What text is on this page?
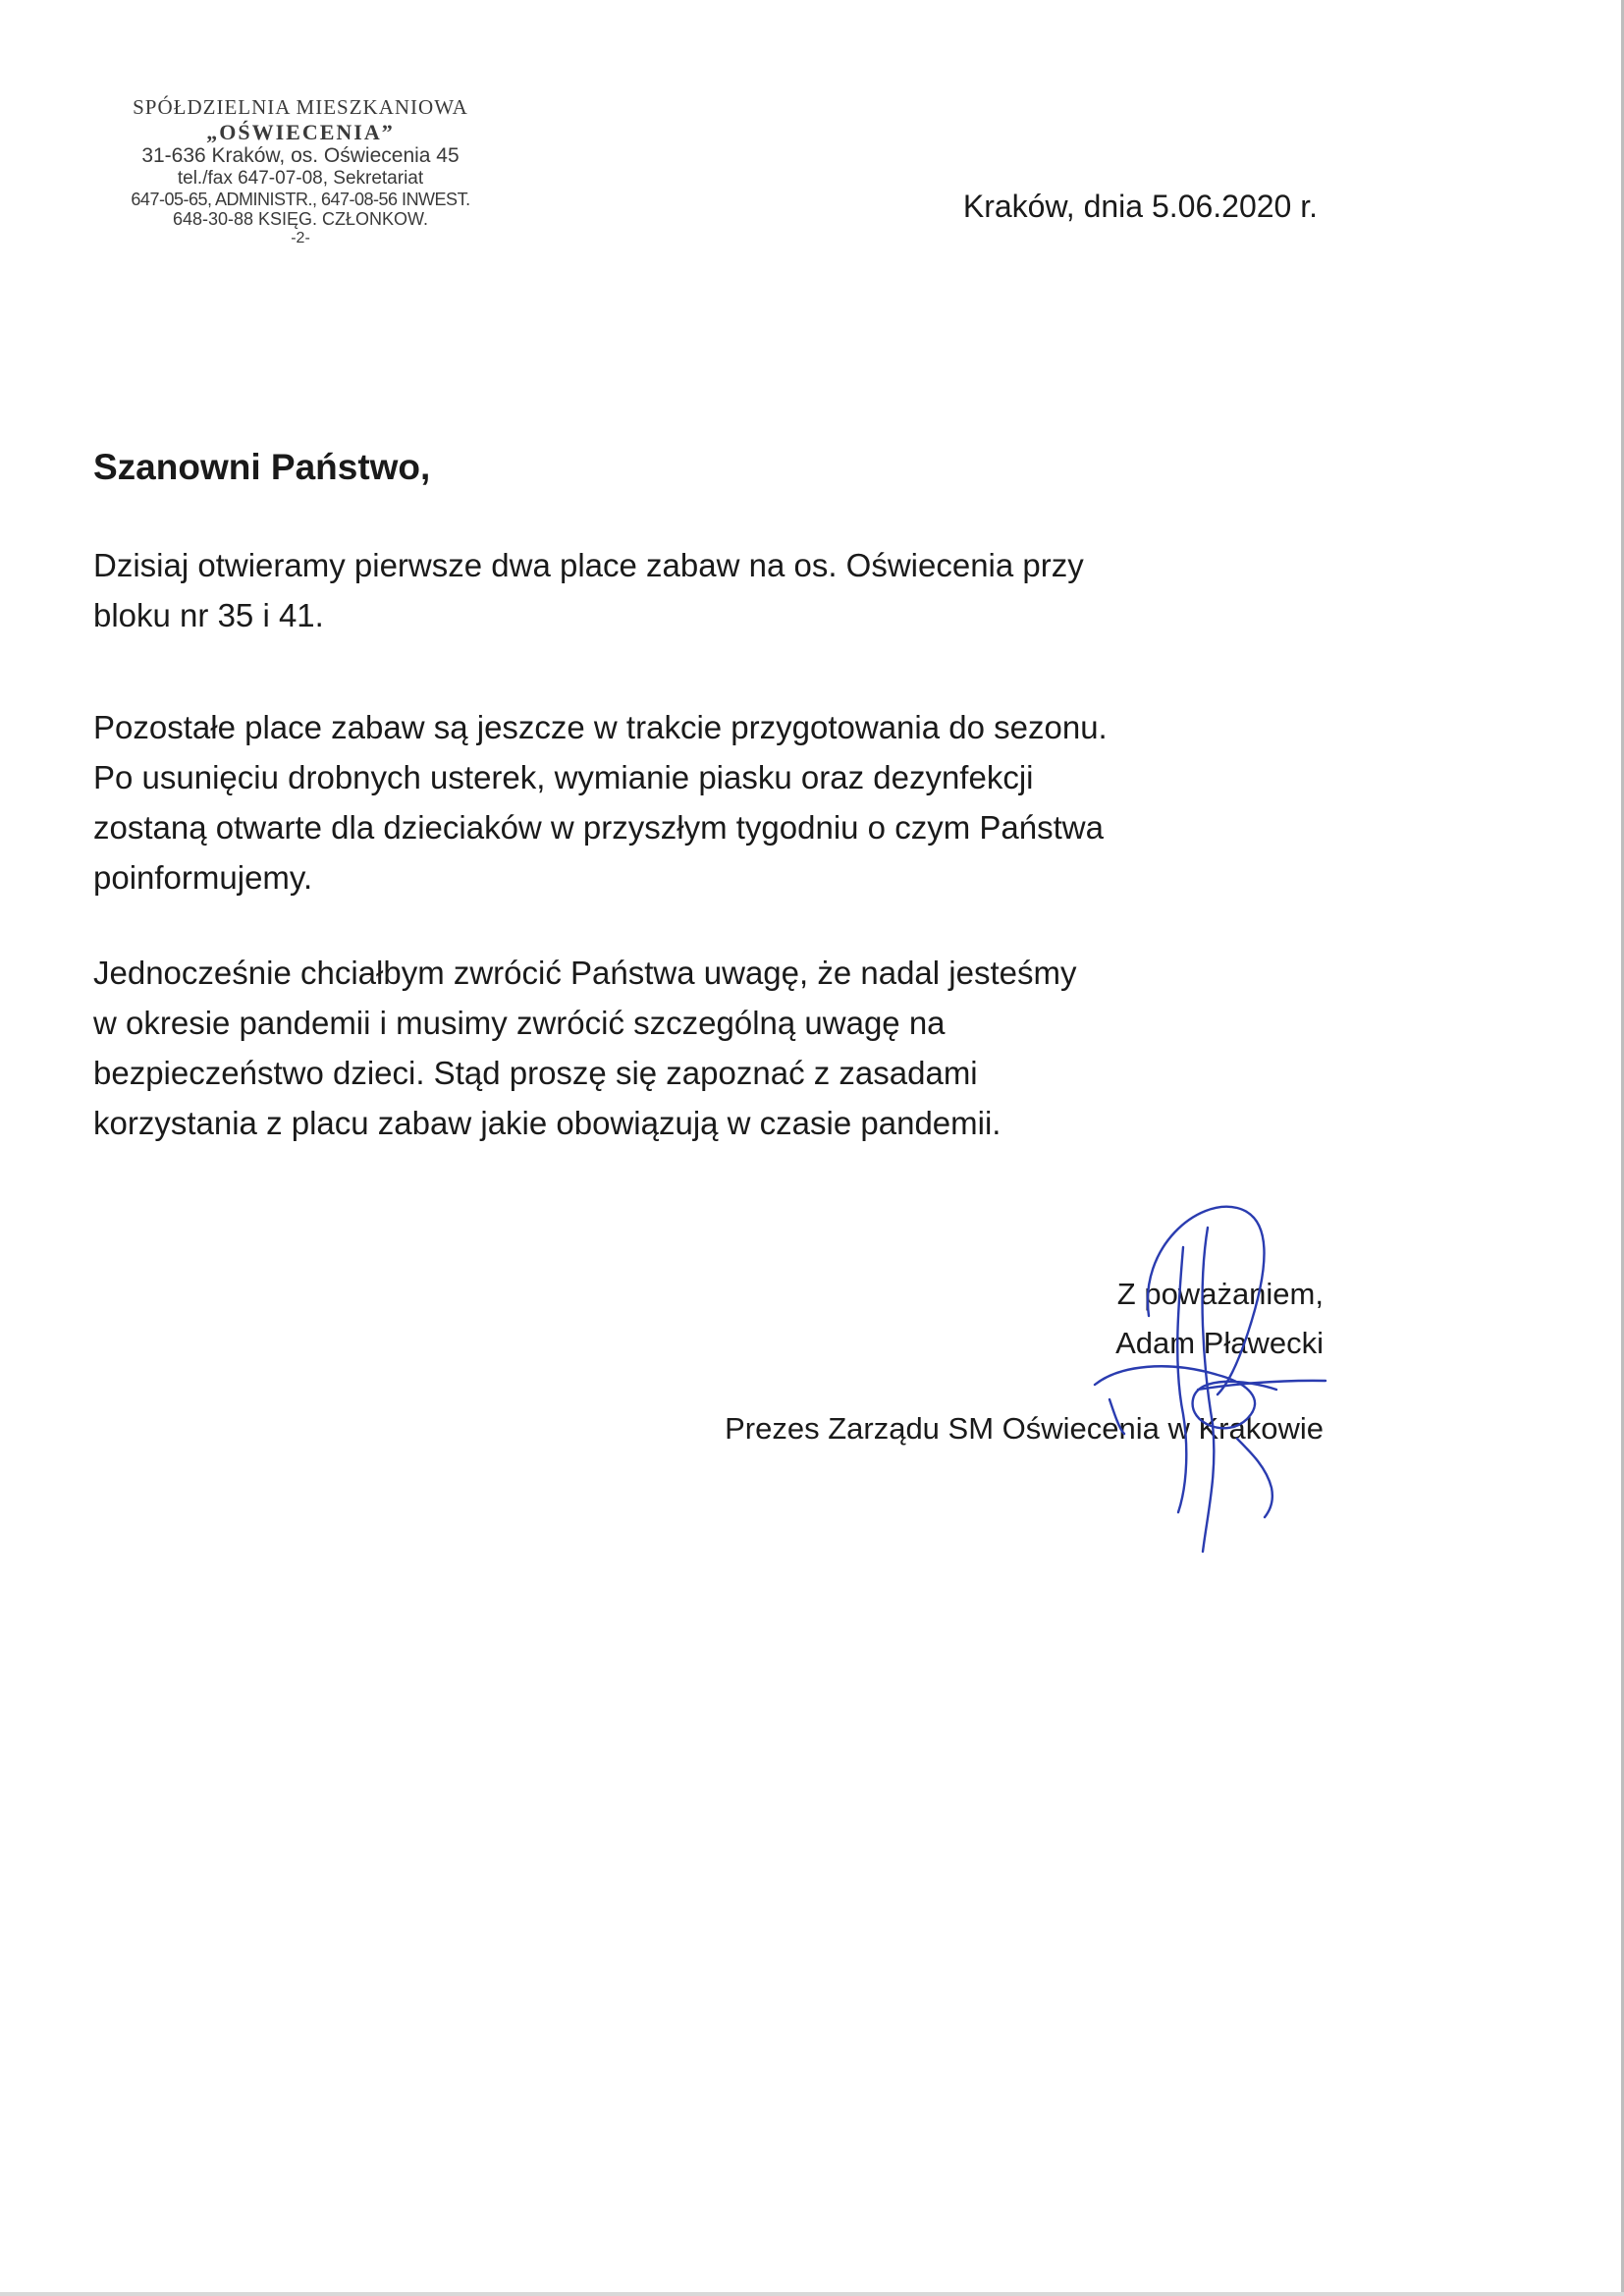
SPÓŁDZIELNIA MIESZKANIOWA
„OŚWIECENIA”
31-636 Kraków, os. Oświecenia 45
tel./fax 647-07-08, Sekretariat
647-05-65, ADMINISTR., 647-08-56 INWEST.
648-30-88 KSIĘG. CZŁONKOW.
-2-
Kraków, dnia 5.06.2020 r.
Szanowni Państwo,
Dzisiaj otwieramy pierwsze dwa place zabaw na os. Oświecenia przy
bloku nr 35 i 41.
Pozostałe place zabaw są jeszcze w trakcie przygotowania do sezonu.
Po usunięciu drobnych usterek, wymianie piasku oraz dezynfekcji
zostaną otwarte dla dzieciaków w przyszłym tygodniu o czym Państwa
poinformujemy.
Jednocześnie chciałbym zwrócić Państwa uwagę, że nadal jesteśmy
w okresie pandemii i musimy zwrócić szczególną uwagę na
bezpieczeństwo dzieci. Stąd proszę się zapoznać z zasadami
korzystania z placu zabaw jakie obowiązują w czasie pandemii.
Z poważaniem,
Adam Pławecki
Prezes Zarządu SM Oświecenia w Krakowie
